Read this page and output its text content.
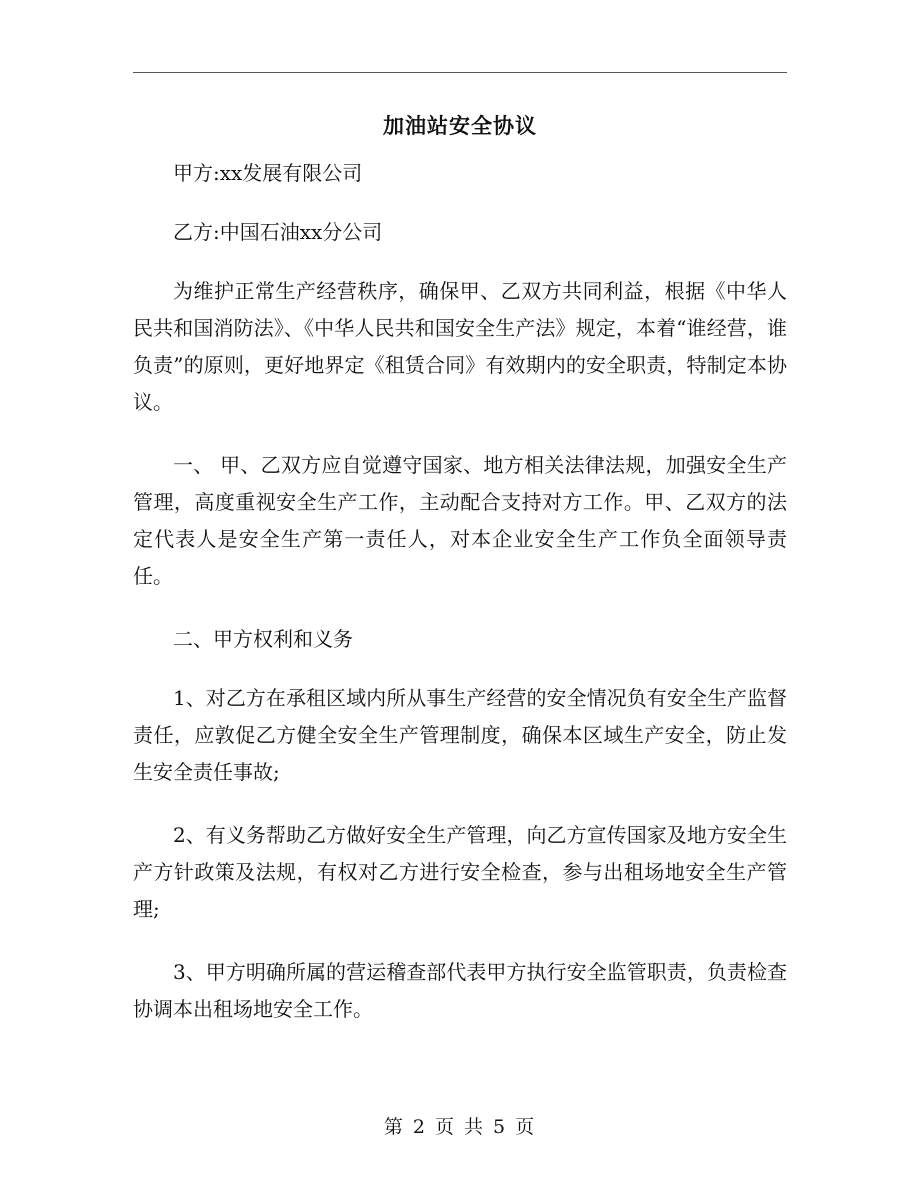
加油站安全协议

甲方:xx发展有限公司

乙方:中国石油xx分公司

为维护正常生产经营秩序，确保甲、乙双方共同利益，根据《中华人民共和国消防法》、《中华人民共和国安全生产法》规定，本着“谁经营，谁负责”的原则，更好地界定《租赁合同》有效期内的安全职责，特制定本协议。

一、 甲、乙双方应自觉遵守国家、地方相关法律法规，加强安全生产管理，高度重视安全生产工作，主动配合支持对方工作。甲、乙双方的法定代表人是安全生产第一责任人，对本企业安全生产工作负全面领导责任。

二、甲方权利和义务

1、对乙方在承租区域内所从事生产经营的安全情况负有安全生产监督责任，应敦促乙方健全安全生产管理制度，确保本区域生产安全，防止发生安全责任事故;

2、有义务帮助乙方做好安全生产管理，向乙方宣传国家及地方安全生产方针政策及法规，有权对乙方进行安全检查，参与出租场地安全生产管理;

3、甲方明确所属的营运稽查部代表甲方执行安全监管职责，负责检查协调本出租场地安全工作。

第 2 页 共 5 页
